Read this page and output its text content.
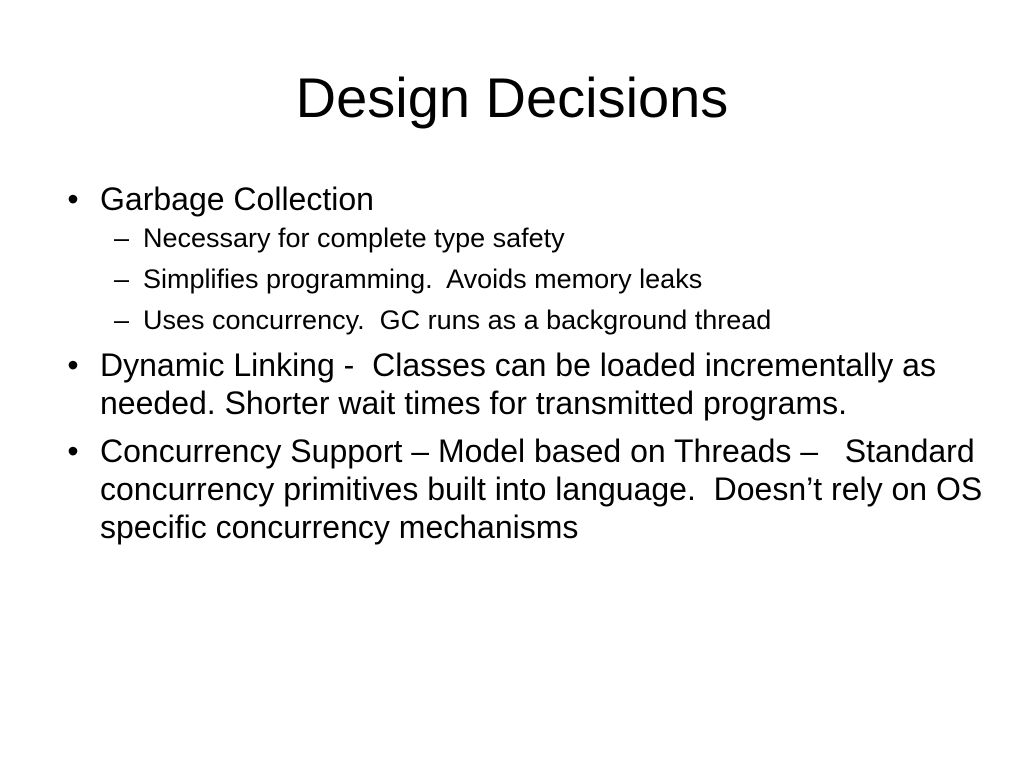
Design Decisions
• Garbage Collection
– Necessary for complete type safety
– Simplifies programming.  Avoids memory leaks
– Uses concurrency.  GC runs as a background thread
• Dynamic Linking -  Classes can be loaded incrementally as needed. Shorter wait times for transmitted programs.
• Concurrency Support – Model based on Threads –   Standard concurrency primitives built into language.  Doesn’t rely on OS specific concurrency mechanisms
